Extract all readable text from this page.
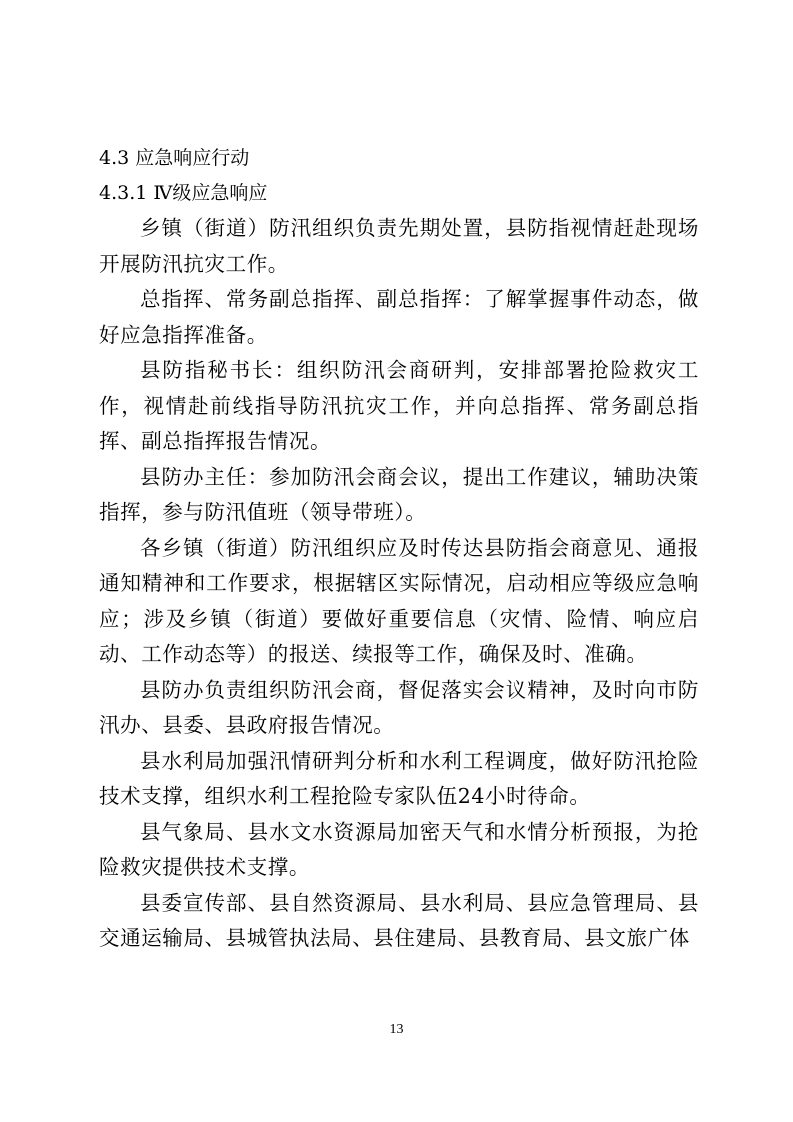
4.3 应急响应行动
4.3.1 Ⅳ级应急响应

乡镇（街道）防汛组织负责先期处置，县防指视情赶赴现场开展防汛抗灾工作。

总指挥、常务副总指挥、副总指挥：了解掌握事件动态，做好应急指挥准备。

县防指秘书长：组织防汛会商研判，安排部署抢险救灾工作，视情赴前线指导防汛抗灾工作，并向总指挥、常务副总指挥、副总指挥报告情况。

县防办主任：参加防汛会商会议，提出工作建议，辅助决策指挥，参与防汛值班（领导带班）。

各乡镇（街道）防汛组织应及时传达县防指会商意见、通报通知精神和工作要求，根据辖区实际情况，启动相应等级应急响应；涉及乡镇（街道）要做好重要信息（灾情、险情、响应启动、工作动态等）的报送、续报等工作，确保及时、准确。

县防办负责组织防汛会商，督促落实会议精神，及时向市防汛办、县委、县政府报告情况。

县水利局加强汛情研判分析和水利工程调度，做好防汛抢险技术支撑，组织水利工程抢险专家队伍24小时待命。

县气象局、县水文水资源局加密天气和水情分析预报，为抢险救灾提供技术支撑。

县委宣传部、县自然资源局、县水利局、县应急管理局、县交通运输局、县城管执法局、县住建局、县教育局、县文旅广体

13
